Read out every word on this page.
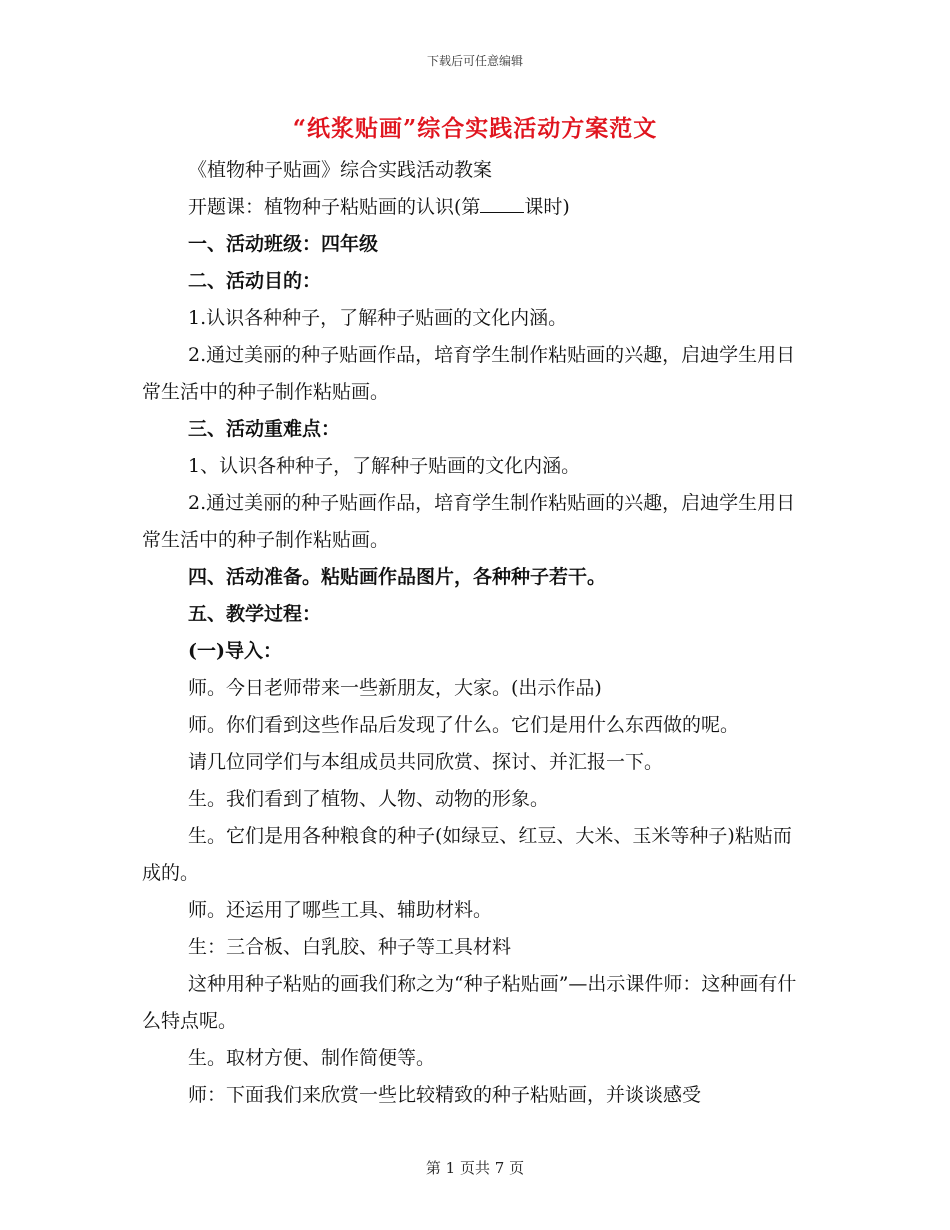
下载后可任意编辑
“纸浆贴画”综合实践活动方案范文

《植物种子贴画》综合实践活动教案

开题课：植物种子粘贴画的认识(第 课时)

一、活动班级：四年级

二、活动目的：

1.认识各种种子，了解种子贴画的文化内涵。

2.通过美丽的种子贴画作品，培育学生制作粘贴画的兴趣，启迪学生用日常生活中的种子制作粘贴画。

三、活动重难点：

1、认识各种种子，了解种子贴画的文化内涵。

2.通过美丽的种子贴画作品，培育学生制作粘贴画的兴趣，启迪学生用日常生活中的种子制作粘贴画。

四、活动准备。粘贴画作品图片，各种种子若干。

五、教学过程：

(一)导入：

师。今日老师带来一些新朋友，大家。(出示作品)

师。你们看到这些作品后发现了什么。它们是用什么东西做的呢。

请几位同学们与本组成员共同欣赏、探讨、并汇报一下。

生。我们看到了植物、人物、动物的形象。

生。它们是用各种粮食的种子(如绿豆、红豆、大米、玉米等种子)粘贴而成的。

师。还运用了哪些工具、辅助材料。

生：三合板、白乳胶、种子等工具材料

这种用种子粘贴的画我们称之为“种子粘贴画”—出示课件师：这种画有什么特点呢。

生。取材方便、制作简便等。

师：下面我们来欣赏一些比较精致的种子粘贴画，并谈谈感受

第 1 页共 7 页
